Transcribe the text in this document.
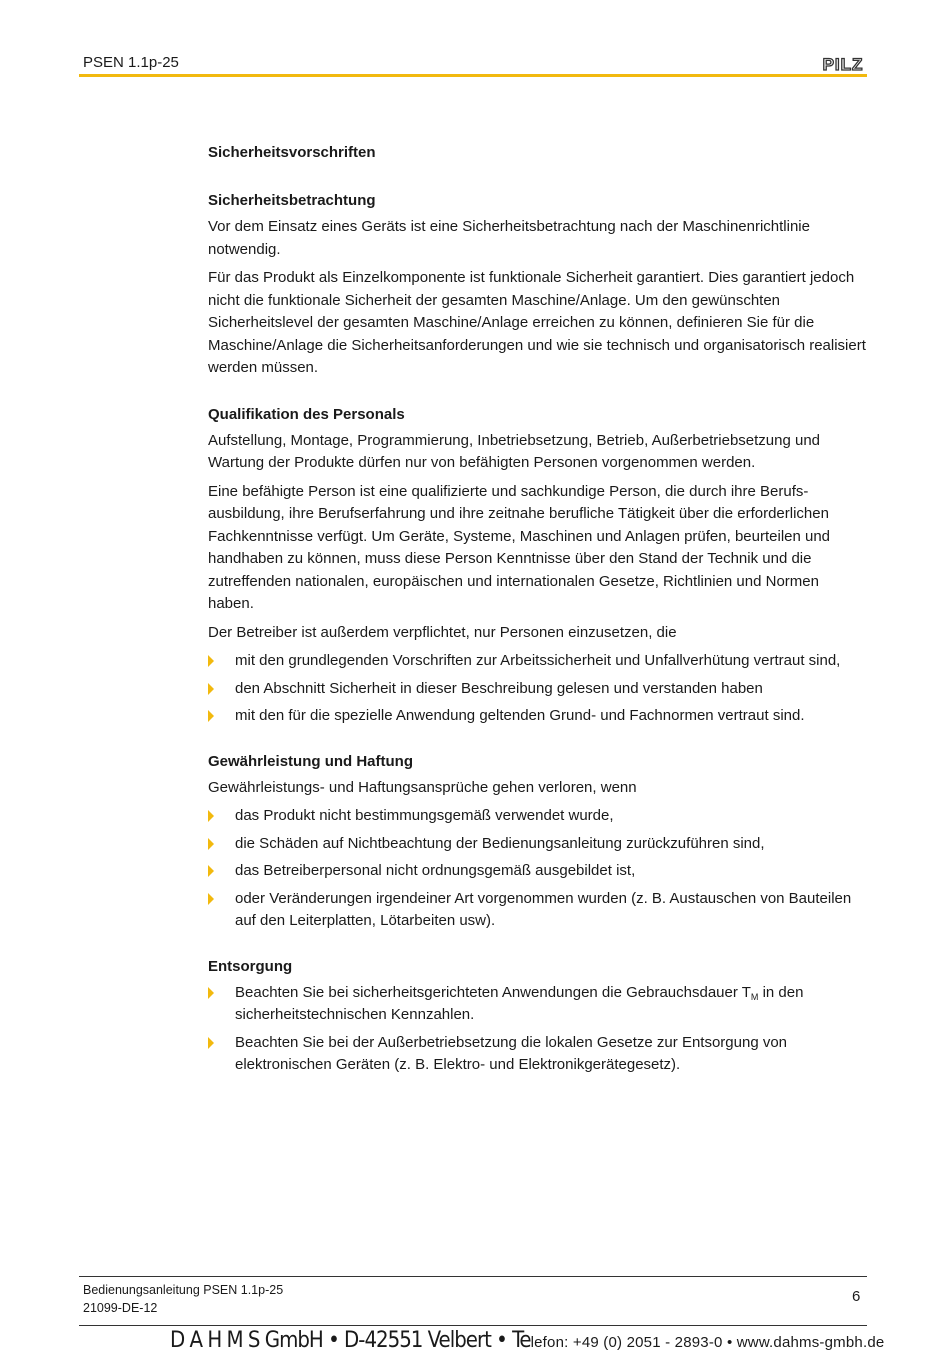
PSEN 1.1p-25	PILZ
Sicherheitsvorschriften
Sicherheitsbetrachtung

Vor dem Einsatz eines Geräts ist eine Sicherheitsbetrachtung nach der Maschinenrichtlinie notwendig.

Für das Produkt als Einzelkomponente ist funktionale Sicherheit garantiert. Dies garantiert jedoch nicht die funktionale Sicherheit der gesamten Maschine/Anlage. Um den gewünschten Sicherheitslevel der gesamten Maschine/Anlage erreichen zu können, definieren Sie für die Maschine/Anlage die Sicherheitsanforderungen und wie sie technisch und organisatorisch realisiert werden müssen.

Qualifikation des Personals

Aufstellung, Montage, Programmierung, Inbetriebsetzung, Betrieb, Außerbetriebsetzung und Wartung der Produkte dürfen nur von befähigten Personen vorgenommen werden.

Eine befähigte Person ist eine qualifizierte und sachkundige Person, die durch ihre Berufsausbildung, ihre Berufserfahrung und ihre zeitnahe berufliche Tätigkeit über die erforderlichen Fachkenntnisse verfügt. Um Geräte, Systeme, Maschinen und Anlagen prüfen, beurteilen und handhaben zu können, muss diese Person Kenntnisse über den Stand der Technik und die zutreffenden nationalen, europäischen und internationalen Gesetze, Richtlinien und Normen haben.

Der Betreiber ist außerdem verpflichtet, nur Personen einzusetzen, die

mit den grundlegenden Vorschriften zur Arbeitssicherheit und Unfallverhütung vertraut sind,
den Abschnitt Sicherheit in dieser Beschreibung gelesen und verstanden haben
mit den für die spezielle Anwendung geltenden Grund- und Fachnormen vertraut sind.
Gewährleistung und Haftung

Gewährleistungs- und Haftungsansprüche gehen verloren, wenn

das Produkt nicht bestimmungsgemäß verwendet wurde,
die Schäden auf Nichtbeachtung der Bedienungsanleitung zurückzuführen sind,
das Betreiberpersonal nicht ordnungsgemäß ausgebildet ist,
oder Veränderungen irgendeiner Art vorgenommen wurden (z. B. Austauschen von Bauteilen auf den Leiterplatten, Lötarbeiten usw).
Entsorgung
Beachten Sie bei sicherheitsgerichteten Anwendungen die Gebrauchsdauer $T_M$ in den sicherheitstechnischen Kennzahlen.
Beachten Sie bei der Außerbetriebsetzung die lokalen Gesetze zur Entsorgung von elektronischen Geräten (z. B. Elektro- und Elektronikgerätegesetz).
Bedienungsanleitung PSEN 1.1p-25
21099-DE-12
6
D A H M S GmbH • D-42551 Velbert • Telefon: +49 (0) 2051 - 2893-0 • www.dahms-gmbh.de
